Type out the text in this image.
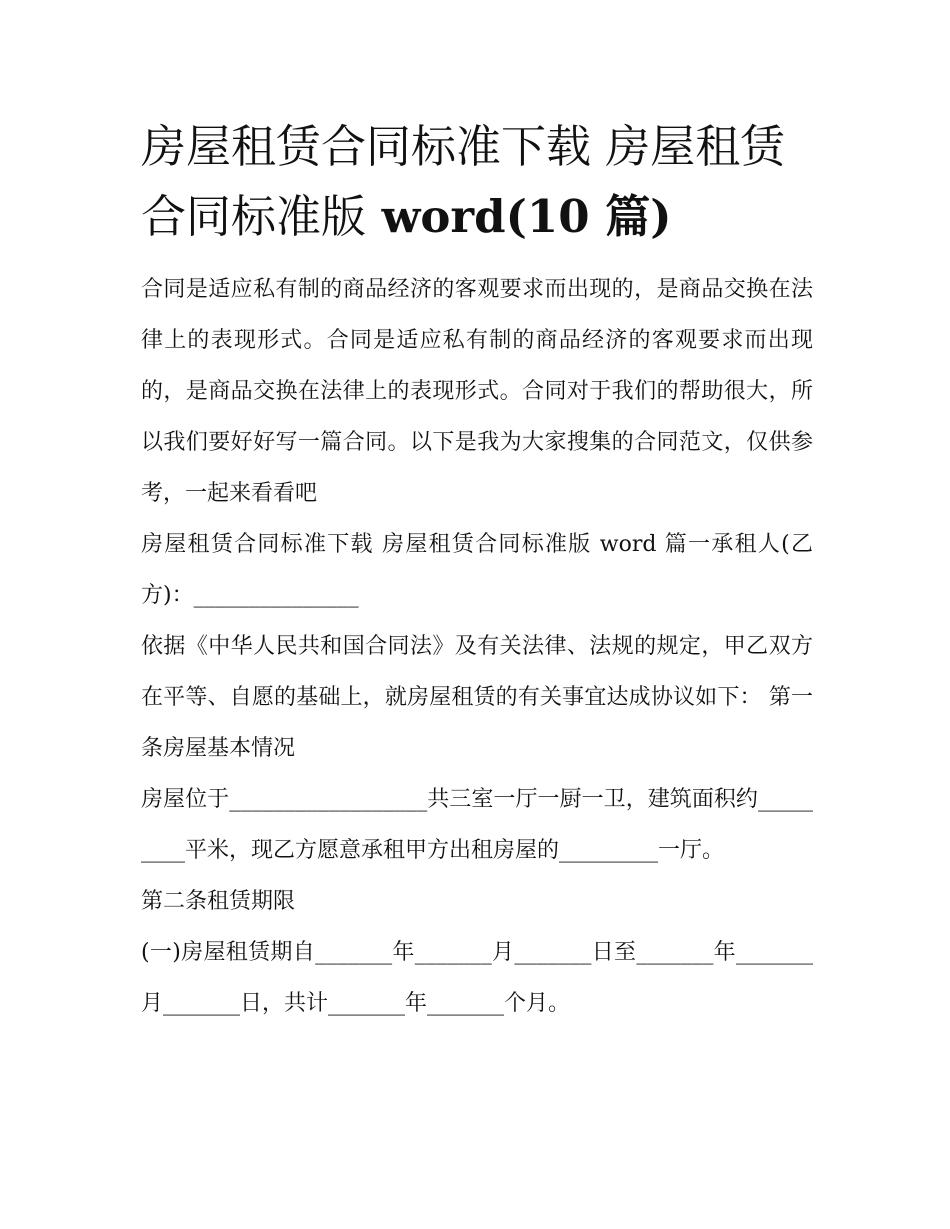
房屋租赁合同标准下载 房屋租赁合同标准版 word(10 篇)

合同是适应私有制的商品经济的客观要求而出现的，是商品交换在法律上的表现形式。合同是适应私有制的商品经济的客观要求而出现的，是商品交换在法律上的表现形式。合同对于我们的帮助很大，所以我们要好好写一篇合同。以下是我为大家搜集的合同范文，仅供参考，一起来看看吧

房屋租赁合同标准下载 房屋租赁合同标准版 word 篇一承租人(乙方)：_______________

依据《中华人民共和国合同法》及有关法律、法规的规定，甲乙双方在平等、自愿的基础上，就房屋租赁的有关事宜达成协议如下： 第一条房屋基本情况

房屋位于__________________共三室一厅一厨一卫，建筑面积约_________平米，现乙方愿意承租甲方出租房屋的_________一厅。

第二条租赁期限

(一)房屋租赁期自_______年_______月_______日至_______年_______月_______日，共计_______年_______个月。
